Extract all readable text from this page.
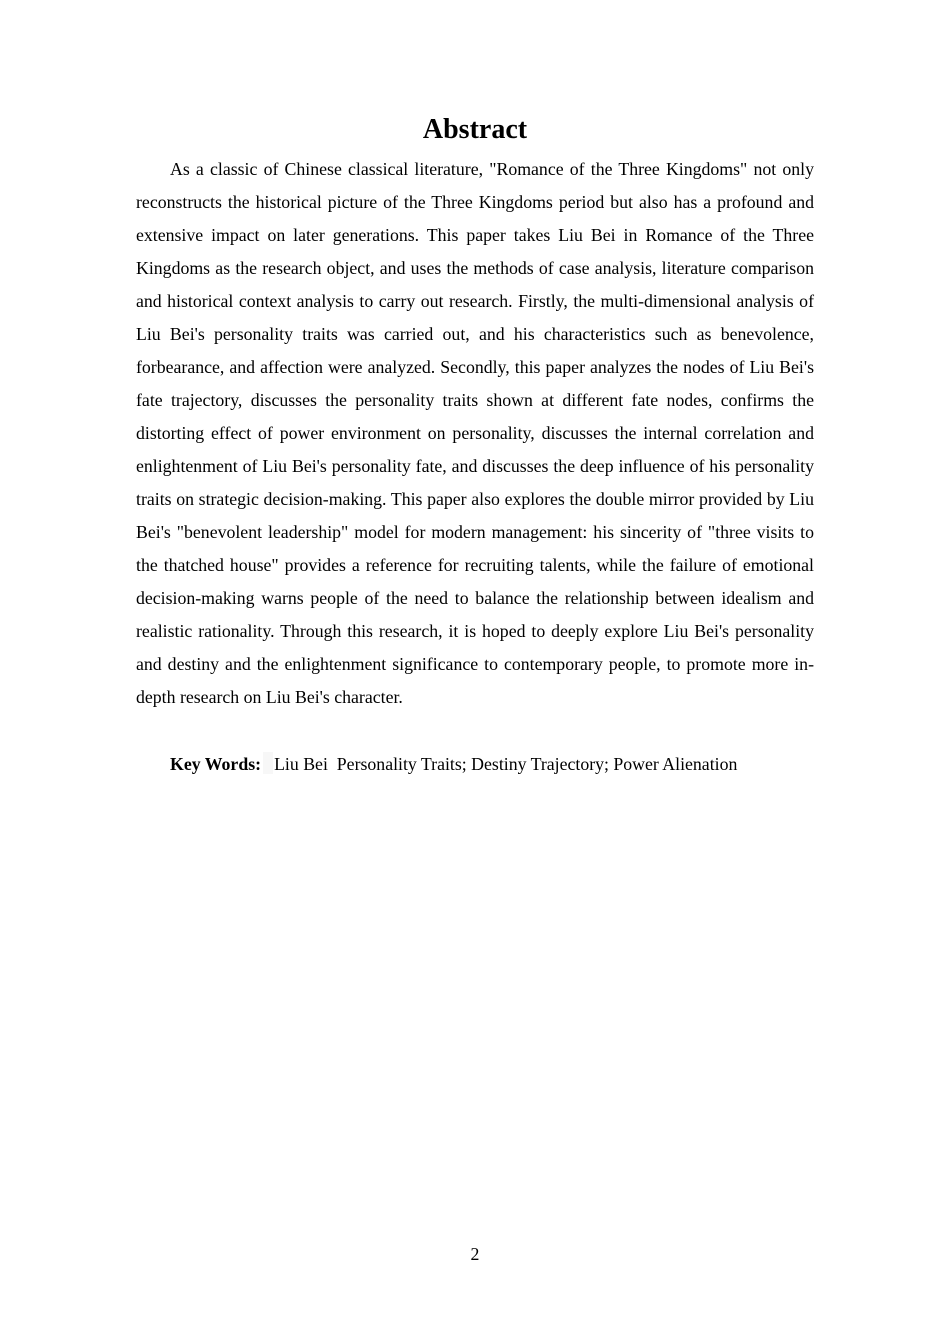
Abstract

As a classic of Chinese classical literature, "Romance of the Three Kingdoms" not only reconstructs the historical picture of the Three Kingdoms period but also has a profound and extensive impact on later generations. This paper takes Liu Bei in Romance of the Three Kingdoms as the research object, and uses the methods of case analysis, literature comparison and historical context analysis to carry out research. Firstly, the multi-dimensional analysis of Liu Bei's personality traits was carried out, and his characteristics such as benevolence, forbearance, and affection were analyzed. Secondly, this paper analyzes the nodes of Liu Bei's fate trajectory, discusses the personality traits shown at different fate nodes, confirms the distorting effect of power environment on personality, discusses the internal correlation and enlightenment of Liu Bei's personality fate, and discusses the deep influence of his personality traits on strategic decision-making. This paper also explores the double mirror provided by Liu Bei's "benevolent leadership" model for modern management: his sincerity of "three visits to the thatched house" provides a reference for recruiting talents, while the failure of emotional decision-making warns people of the need to balance the relationship between idealism and realistic rationality. Through this research, it is hoped to deeply explore Liu Bei's personality and destiny and the enlightenment significance to contemporary people, to promote more in-depth research on Liu Bei's character.

Key Words: Liu Bei Personality Traits; Destiny Trajectory; Power Alienation
2
